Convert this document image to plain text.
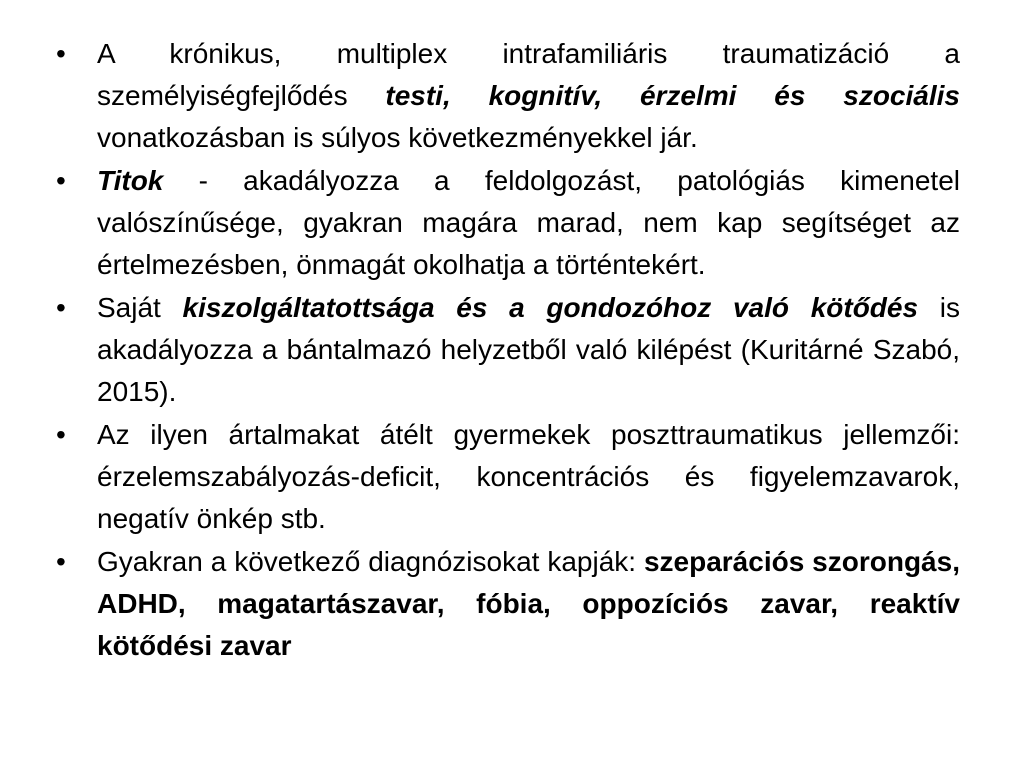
•	A krónikus, multiplex intrafamiliáris traumatizáció a személyiségfejlődés testi, kognitív, érzelmi és szociális vonatkozásban is súlyos következményekkel jár.
•	Titok - akadályozza a feldolgozást, patológiás kimenetel valószínűsége, gyakran magára marad, nem kap segítséget az értelmezésben, önmagát okolhatja a történtekért.
•	Saját kiszolgáltatottsága és a gondozóhoz való kötődés is akadályozza a bántalmazó helyzetből való kilépést (Kuritárné Szabó, 2015).
•	Az ilyen ártalmakat átélt gyermekek poszttraumatikus jellemzői: érzelemszabályozás-deficit, koncentrációs és figyelemzavarok, negatív önkép stb.
•	Gyakran a következő diagnózisokat kapják: szeparációs szorongás, ADHD, magatartászavar, fóbia, oppozíciós zavar, reaktív kötődési zavar
